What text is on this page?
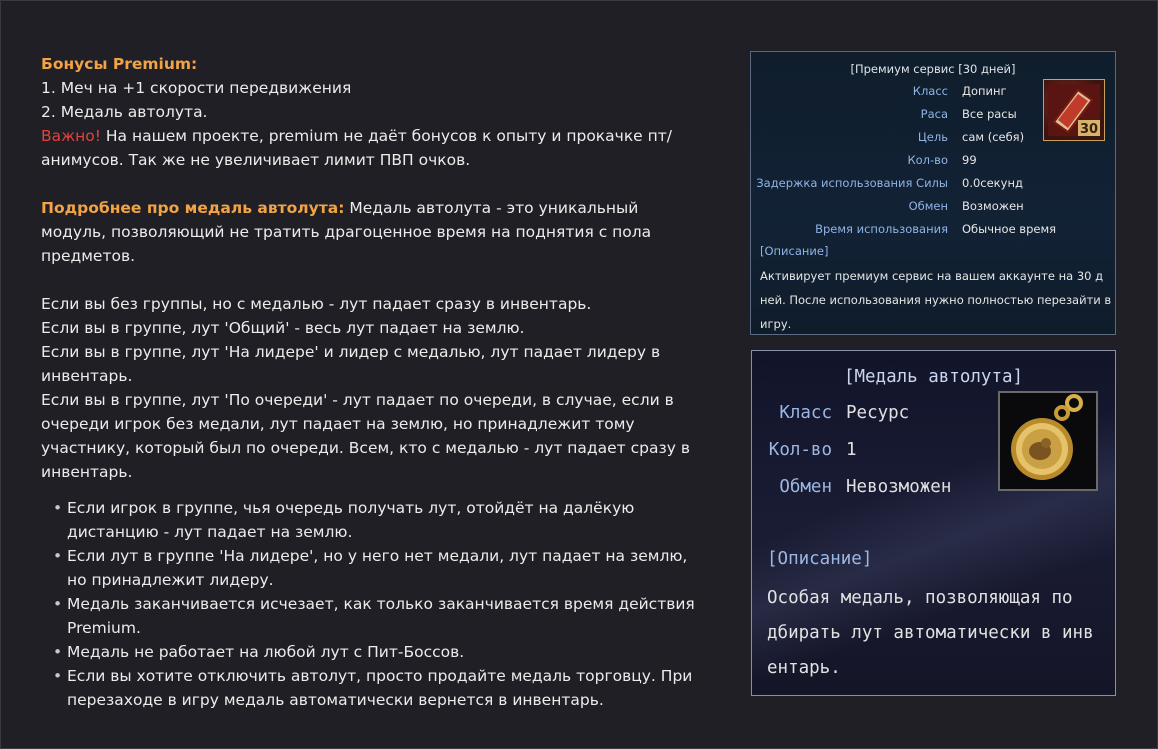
Бонусы Premium:

1. Меч на +1 скорости передвижения

2. Медаль автолута.

Важно! На нашем проекте, premium не даёт бонусов к опыту и прокачке пт/ анимусов. Так же не увеличивает лимит ПВП очков.

Подробнее про медаль автолута: Медаль автолута - это уникальный модуль, позволяющий не тратить драгоценное время на поднятия с пола предметов.

Если вы без группы, но с медалью - лут падает сразу в инвентарь.

Если вы в группе, лут 'Общий' - весь лут падает на землю.

Если вы в группе, лут 'На лидере' и лидер с медалью, лут падает лидеру в инвентарь.

Если вы в группе, лут 'По очереди' - лут падает по очереди, в случае, если в очереди игрок без медали, лут падает на землю, но принадлежит тому участнику, который был по очереди. Всем, кто с медалью - лут падает сразу в инвентарь.

• Если игрок в группе, чья очередь получать лут, отойдёт на далёкую дистанцию - лут падает на землю.
• Если лут в группе 'На лидере', но у него нет медали, лут падает на землю, но принадлежит лидеру.
• Медаль заканчивается исчезает, как только заканчивается время действия Premium.
• Медаль не работает на любой лут с Пит-Боссов.
• Если вы хотите отключить автолут, просто продайте медаль торговцу. При перезаходе в игру медаль автоматически вернется в инвентарь.
[Премиум сервис [30 дней]
Класс Допинг
Раса Все расы
Цель сам (себя)
Кол-во 99
Задержка использования Силы 0.0секунд
Обмен Возможен
Время использования Обычное время
[Описание]
Активирует премиум сервис на вашем аккаунте на 30 д ней. После использования нужно полностью перезайти в игру.
30
[Медаль автолута]
Класс Ресурс
Кол-во 1
Обмен Невозможен
[Описание]
Особая медаль, позволяющая по дбирать лут автоматически в инв ентарь.
